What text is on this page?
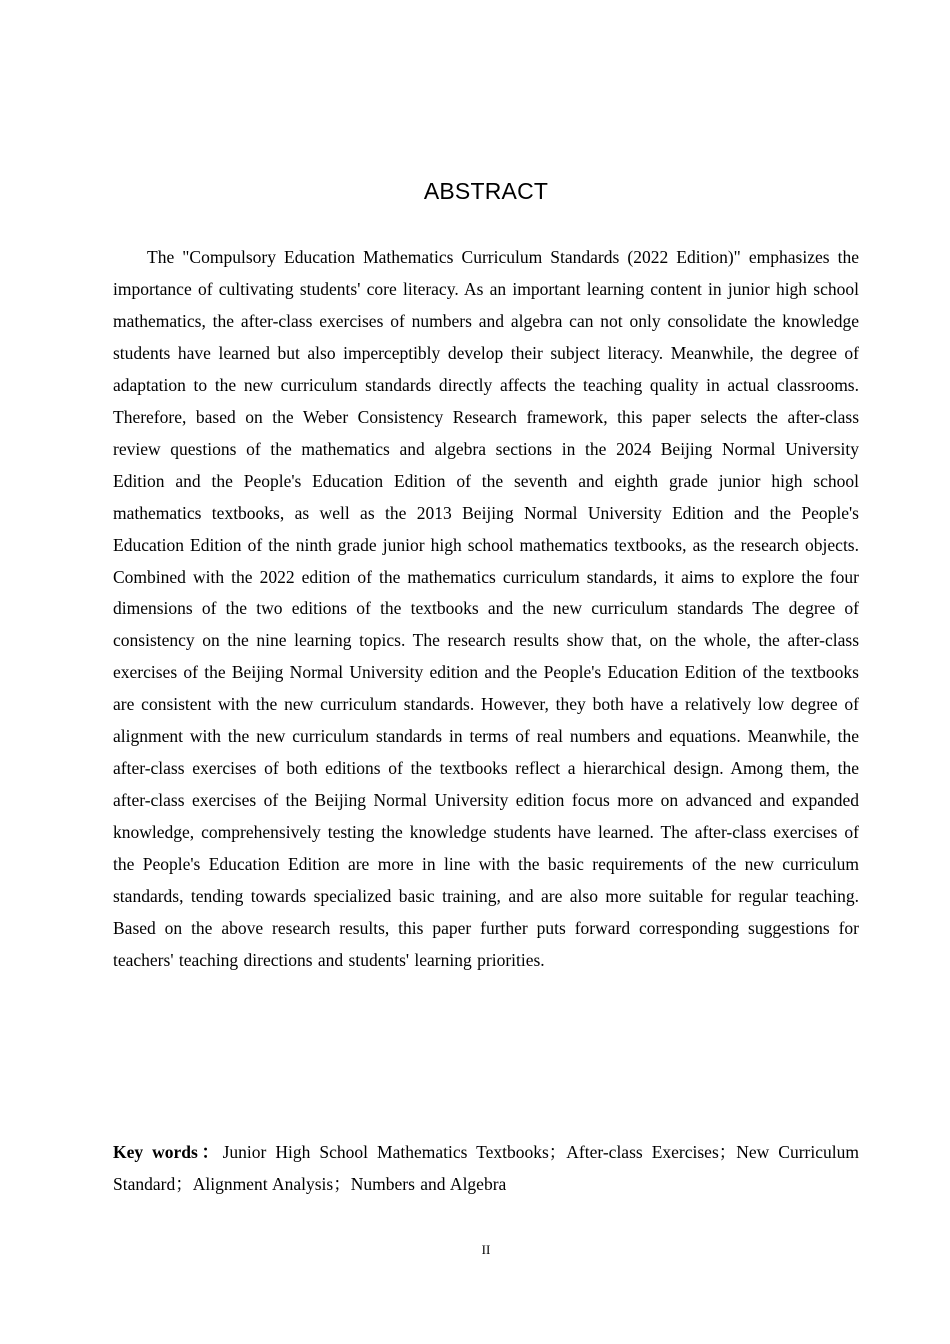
ABSTRACT

The "Compulsory Education Mathematics Curriculum Standards (2022 Edition)" emphasizes the importance of cultivating students' core literacy. As an important learning content in junior high school mathematics, the after-class exercises of numbers and algebra can not only consolidate the knowledge students have learned but also imperceptibly develop their subject literacy. Meanwhile, the degree of adaptation to the new curriculum standards directly affects the teaching quality in actual classrooms. Therefore, based on the Weber Consistency Research framework, this paper selects the after-class review questions of the mathematics and algebra sections in the 2024 Beijing Normal University Edition and the People's Education Edition of the seventh and eighth grade junior high school mathematics textbooks, as well as the 2013 Beijing Normal University Edition and the People's Education Edition of the ninth grade junior high school mathematics textbooks, as the research objects. Combined with the 2022 edition of the mathematics curriculum standards, it aims to explore the four dimensions of the two editions of the textbooks and the new curriculum standards The degree of consistency on the nine learning topics. The research results show that, on the whole, the after-class exercises of the Beijing Normal University edition and the People's Education Edition of the textbooks are consistent with the new curriculum standards. However, they both have a relatively low degree of alignment with the new curriculum standards in terms of real numbers and equations. Meanwhile, the after-class exercises of both editions of the textbooks reflect a hierarchical design. Among them, the after-class exercises of the Beijing Normal University edition focus more on advanced and expanded knowledge, comprehensively testing the knowledge students have learned. The after-class exercises of the People's Education Edition are more in line with the basic requirements of the new curriculum standards, tending towards specialized basic training, and are also more suitable for regular teaching. Based on the above research results, this paper further puts forward corresponding suggestions for teachers' teaching directions and students' learning priorities.

Key words：Junior High School Mathematics Textbooks；After-class Exercises；New Curriculum Standard；Alignment Analysis；Numbers and Algebra

II
